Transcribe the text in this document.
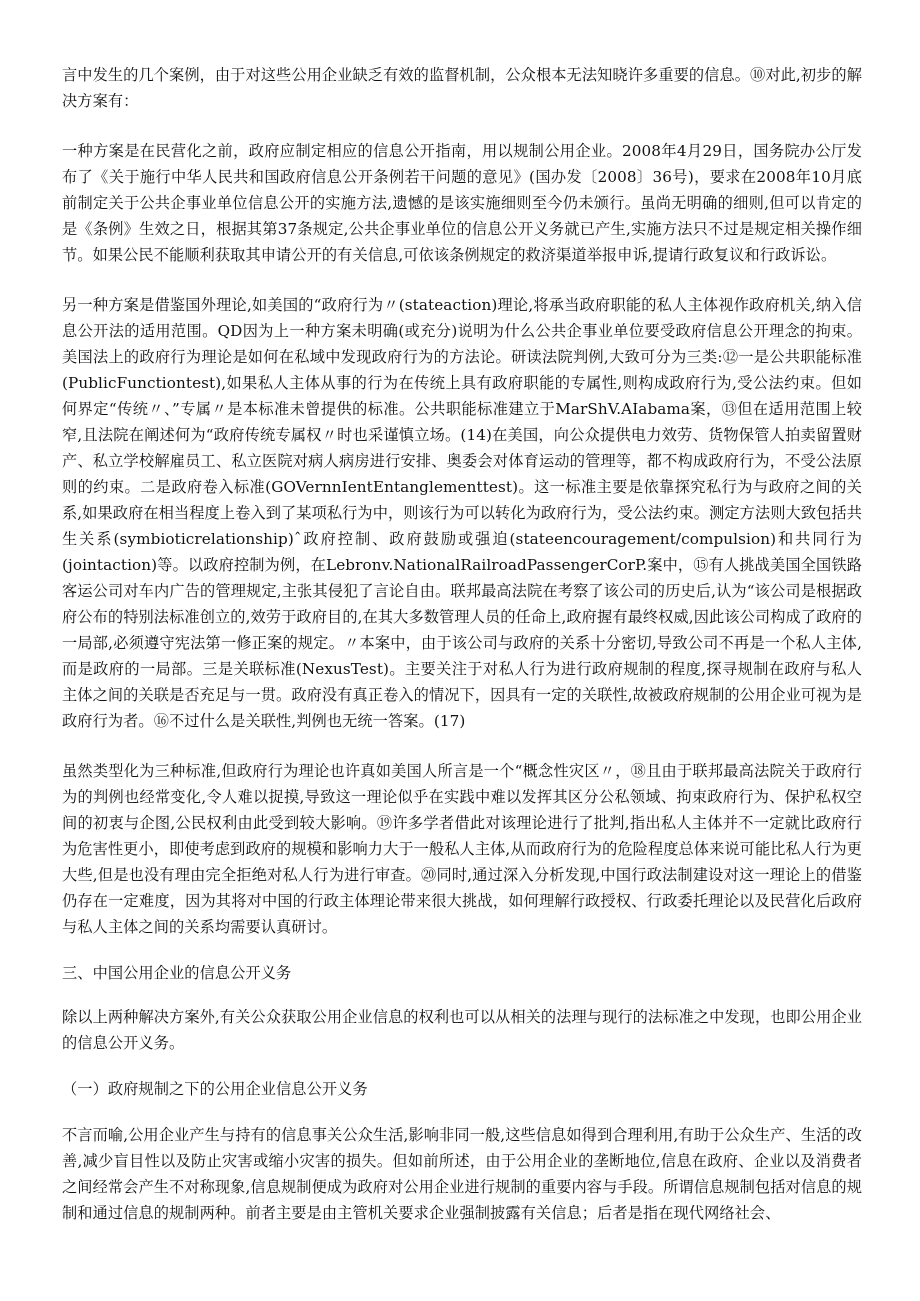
言中发生的几个案例，由于对这些公用企业缺乏有效的监督机制，公众根本无法知晓许多重要的信息。⑩对此,初步的解决方案有：

一种方案是在民营化之前，政府应制定相应的信息公开指南，用以规制公用企业。2008年4月29日，国务院办公厅发布了《关于施行中华人民共和国政府信息公开条例若干问题的意见》(国办发〔2008〕36号)，要求在2008年10月底前制定关于公共企事业单位信息公开的实施方法,遗憾的是该实施细则至今仍未颁行。虽尚无明确的细则,但可以肯定的是《条例》生效之日，根据其第37条规定,公共企事业单位的信息公开义务就已产生,实施方法只不过是规定相关操作细节。如果公民不能顺利获取其申请公开的有关信息,可依该条例规定的救济渠道举报申诉,提请行政复议和行政诉讼。

另一种方案是借鉴国外理论,如美国的“政府行为〃(stateaction)理论,将承当政府职能的私人主体视作政府机关,纳入信息公开法的适用范围。QD因为上一种方案未明确(或充分)说明为什么公共企事业单位要受政府信息公开理念的拘束。美国法上的政府行为理论是如何在私域中发现政府行为的方法论。研读法院判例,大致可分为三类:⑫一是公共职能标准(PublicFunctiontest),如果私人主体从事的行为在传统上具有政府职能的专属性,则构成政府行为,受公法约束。但如何界定“传统〃、”专属〃是本标准未曾提供的标准。公共职能标准建立于MarShV.AIabama案，⑬但在适用范围上较窄,且法院在阐述何为“政府传统专属权〃时也采谨慎立场。(14)在美国，向公众提供电力效劳、货物保管人拍卖留置财产、私立学校解雇员工、私立医院对病人病房进行安排、奥委会对体育运动的管理等，都不构成政府行为，不受公法原则的约束。二是政府卷入标准(GOVernnIentEntanglementtest)。这一标准主要是依靠探究私行为与政府之间的关系,如果政府在相当程度上卷入到了某项私行为中，则该行为可以转化为政府行为，受公法约束。测定方法则大致包括共生关系(symbioticrelationship)ˆ政府控制、政府鼓励或强迫(stateencouragement/compulsion)和共同行为(jointaction)等。以政府控制为例，在Lebronv.NationalRailroadPassengerCorP.案中，⑮有人挑战美国全国铁路客运公司对车内广告的管理规定,主张其侵犯了言论自由。联邦最高法院在考察了该公司的历史后,认为“该公司是根据政府公布的特别法标准创立的,效劳于政府目的,在其大多数管理人员的任命上,政府握有最终权威,因此该公司构成了政府的一局部,必须遵守宪法第一修正案的规定。〃本案中，由于该公司与政府的关系十分密切,导致公司不再是一个私人主体,而是政府的一局部。三是关联标准(NexusTest)。主要关注于对私人行为进行政府规制的程度,探寻规制在政府与私人主体之间的关联是否充足与一贯。政府没有真正卷入的情况下，因具有一定的关联性,故被政府规制的公用企业可视为是政府行为者。⑯不过什么是关联性,判例也无统一答案。(17)

虽然类型化为三种标准,但政府行为理论也许真如美国人所言是一个“概念性灾区〃，⑱且由于联邦最高法院关于政府行为的判例也经常变化,令人难以捉摸,导致这一理论似乎在实践中难以发挥其区分公私领域、拘束政府行为、保护私权空间的初衷与企图,公民权利由此受到较大影响。⑲许多学者借此对该理论进行了批判,指出私人主体并不一定就比政府行为危害性更小，即使考虑到政府的规模和影响力大于一般私人主体,从而政府行为的危险程度总体来说可能比私人行为更大些,但是也没有理由完全拒绝对私人行为进行审查。⑳同时,通过深入分析发现,中国行政法制建设对这一理论上的借鉴仍存在一定难度，因为其将对中国的行政主体理论带来很大挑战，如何理解行政授权、行政委托理论以及民营化后政府与私人主体之间的关系均需要认真研讨。

三、中国公用企业的信息公开义务

除以上两种解决方案外,有关公众获取公用企业信息的权利也可以从相关的法理与现行的法标准之中发现，也即公用企业的信息公开义务。

（一）政府规制之下的公用企业信息公开义务

不言而喻,公用企业产生与持有的信息事关公众生活,影响非同一般,这些信息如得到合理利用,有助于公众生产、生活的改善,减少盲目性以及防止灾害或缩小灾害的损失。但如前所述，由于公用企业的垄断地位,信息在政府、企业以及消费者之间经常会产生不对称现象,信息规制便成为政府对公用企业进行规制的重要内容与手段。所谓信息规制包括对信息的规制和通过信息的规制两种。前者主要是由主管机关要求企业强制披露有关信息；后者是指在现代网络社会、
